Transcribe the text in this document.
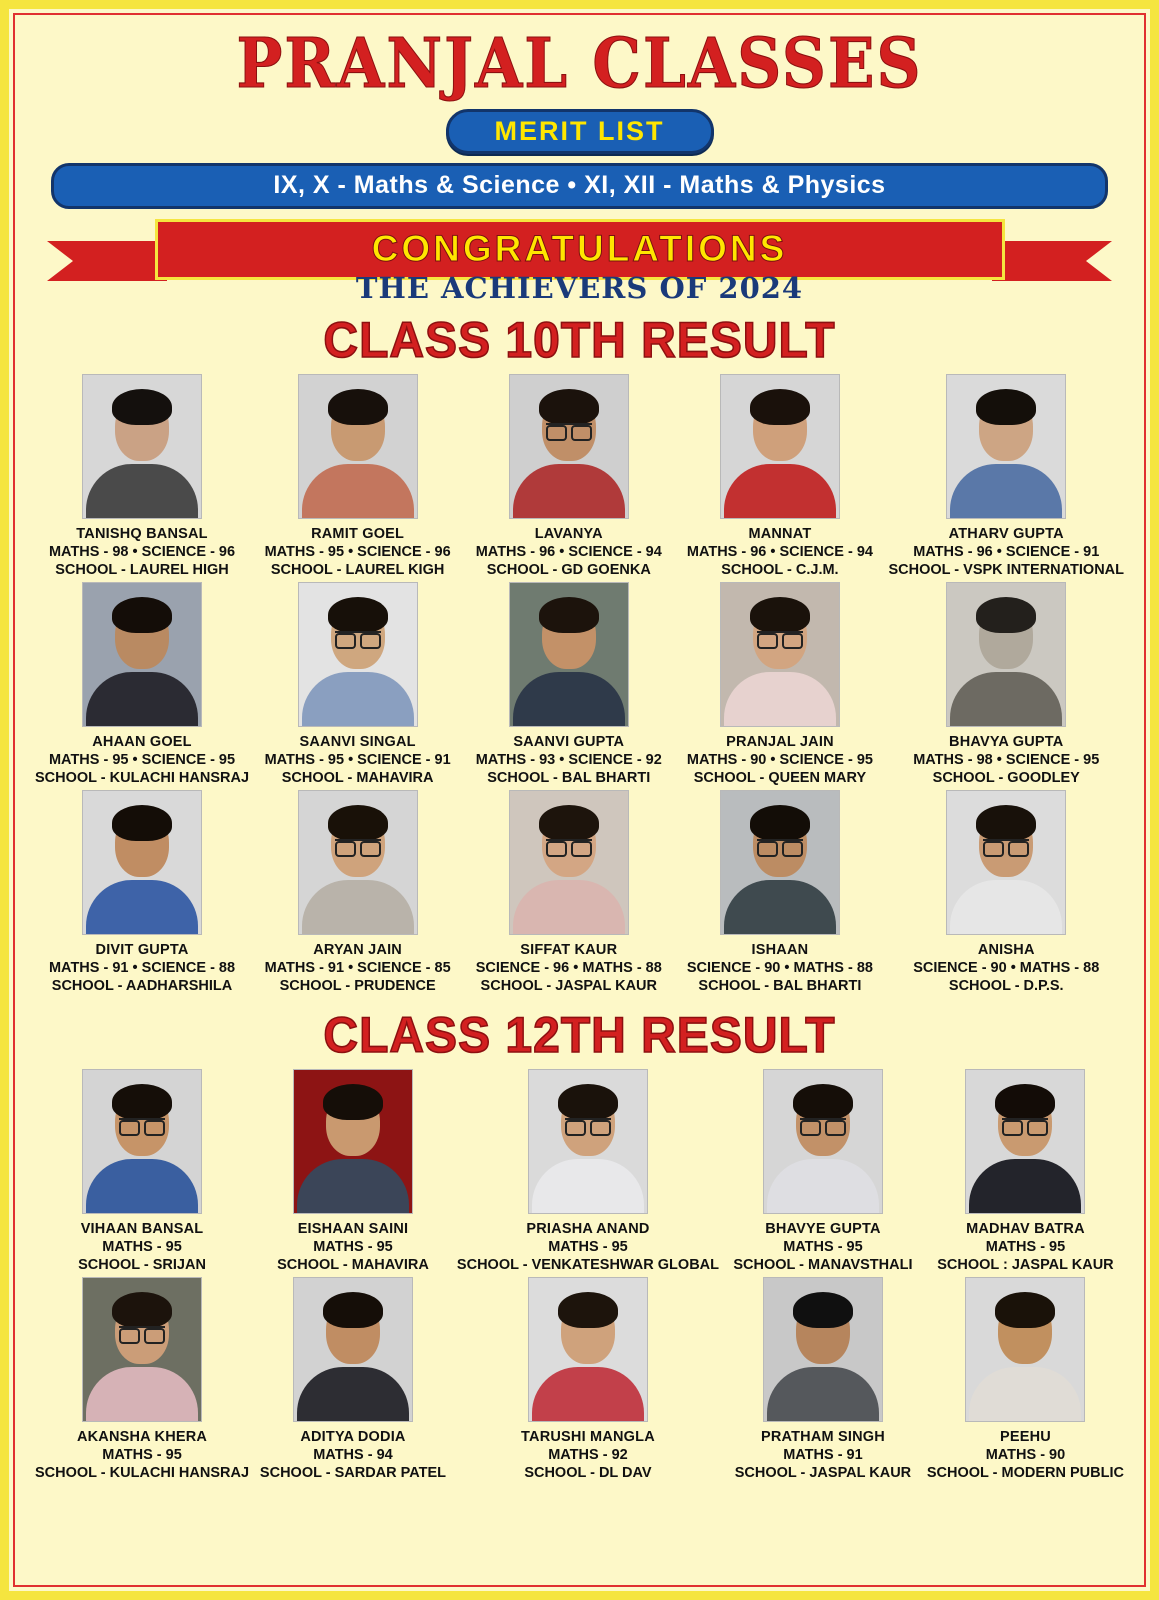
PRANJAL CLASSES
MERIT LIST
IX, X - Maths & Science • XI, XII - Maths & Physics
CONGRATULATIONS
THE ACHIEVERS OF 2024
CLASS 10TH RESULT
TANISHQ BANSAL
MATHS - 98 • SCIENCE - 96
SCHOOL - LAUREL HIGH
RAMIT GOEL
MATHS - 95 • SCIENCE - 96
SCHOOL - LAUREL KIGH
LAVANYA
MATHS - 96 • SCIENCE - 94
SCHOOL - GD GOENKA
MANNAT
MATHS - 96 • SCIENCE - 94
SCHOOL - C.J.M.
ATHARV GUPTA
MATHS - 96 • SCIENCE - 91
SCHOOL - VSPK INTERNATIONAL
AHAAN GOEL
MATHS - 95 • SCIENCE - 95
SCHOOL - KULACHI HANSRAJ
SAANVI SINGAL
MATHS - 95 • SCIENCE - 91
SCHOOL - MAHAVIRA
SAANVI GUPTA
MATHS - 93 • SCIENCE - 92
SCHOOL - BAL BHARTI
PRANJAL JAIN
MATHS - 90 • SCIENCE - 95
SCHOOL - QUEEN MARY
BHAVYA GUPTA
MATHS - 98 • SCIENCE - 95
SCHOOL - GOODLEY
DIVIT GUPTA
MATHS - 91 • SCIENCE - 88
SCHOOL - AADHARSHILA
ARYAN JAIN
MATHS - 91 • SCIENCE - 85
SCHOOL - PRUDENCE
SIFFAT KAUR
SCIENCE - 96 • MATHS - 88
SCHOOL - JASPAL KAUR
ISHAAN
SCIENCE - 90 • MATHS - 88
SCHOOL - BAL BHARTI
ANISHA
SCIENCE - 90 • MATHS - 88
SCHOOL - D.P.S.
CLASS 12TH RESULT
VIHAAN BANSAL
MATHS - 95
SCHOOL - SRIJAN
EISHAAN SAINI
MATHS - 95
SCHOOL - MAHAVIRA
PRIASHA ANAND
MATHS - 95
SCHOOL - VENKATESHWAR GLOBAL
BHAVYE GUPTA
MATHS - 95
SCHOOL - MANAVSTHALI
MADHAV BATRA
MATHS - 95
SCHOOL : JASPAL KAUR
AKANSHA KHERA
MATHS - 95
SCHOOL - KULACHI HANSRAJ
ADITYA DODIA
MATHS - 94
SCHOOL - SARDAR PATEL
TARUSHI MANGLA
MATHS - 92
SCHOOL - DL DAV
PRATHAM SINGH
MATHS - 91
SCHOOL - JASPAL KAUR
PEEHU
MATHS - 90
SCHOOL - MODERN PUBLIC
